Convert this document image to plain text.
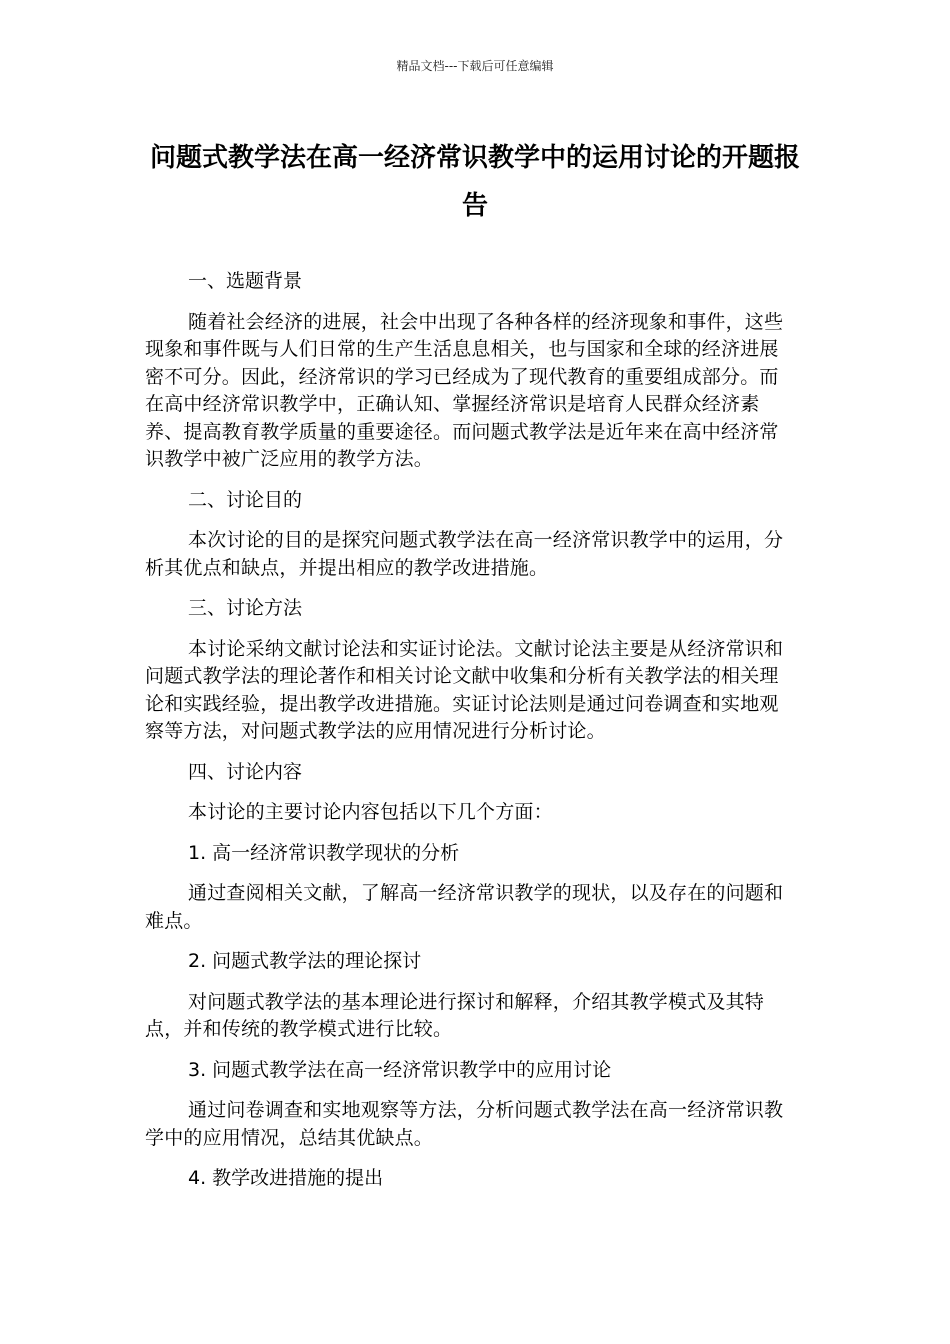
精品文档---下载后可任意编辑
问题式教学法在高一经济常识教学中的运用讨论的开题报告

一、选题背景

随着社会经济的进展，社会中出现了各种各样的经济现象和事件，这些现象和事件既与人们日常的生产生活息息相关，也与国家和全球的经济进展密不可分。因此，经济常识的学习已经成为了现代教育的重要组成部分。而在高中经济常识教学中，正确认知、掌握经济常识是培育人民群众经济素养、提高教育教学质量的重要途径。而问题式教学法是近年来在高中经济常识教学中被广泛应用的教学方法。

二、讨论目的

本次讨论的目的是探究问题式教学法在高一经济常识教学中的运用，分析其优点和缺点，并提出相应的教学改进措施。

三、讨论方法

本讨论采纳文献讨论法和实证讨论法。文献讨论法主要是从经济常识和问题式教学法的理论著作和相关讨论文献中收集和分析有关教学法的相关理论和实践经验，提出教学改进措施。实证讨论法则是通过问卷调查和实地观察等方法，对问题式教学法的应用情况进行分析讨论。

四、讨论内容

本讨论的主要讨论内容包括以下几个方面：

1. 高一经济常识教学现状的分析

通过查阅相关文献，了解高一经济常识教学的现状，以及存在的问题和难点。

2. 问题式教学法的理论探讨

对问题式教学法的基本理论进行探讨和解释，介绍其教学模式及其特点，并和传统的教学模式进行比较。

3. 问题式教学法在高一经济常识教学中的应用讨论

通过问卷调查和实地观察等方法，分析问题式教学法在高一经济常识教学中的应用情况，总结其优缺点。

4. 教学改进措施的提出
